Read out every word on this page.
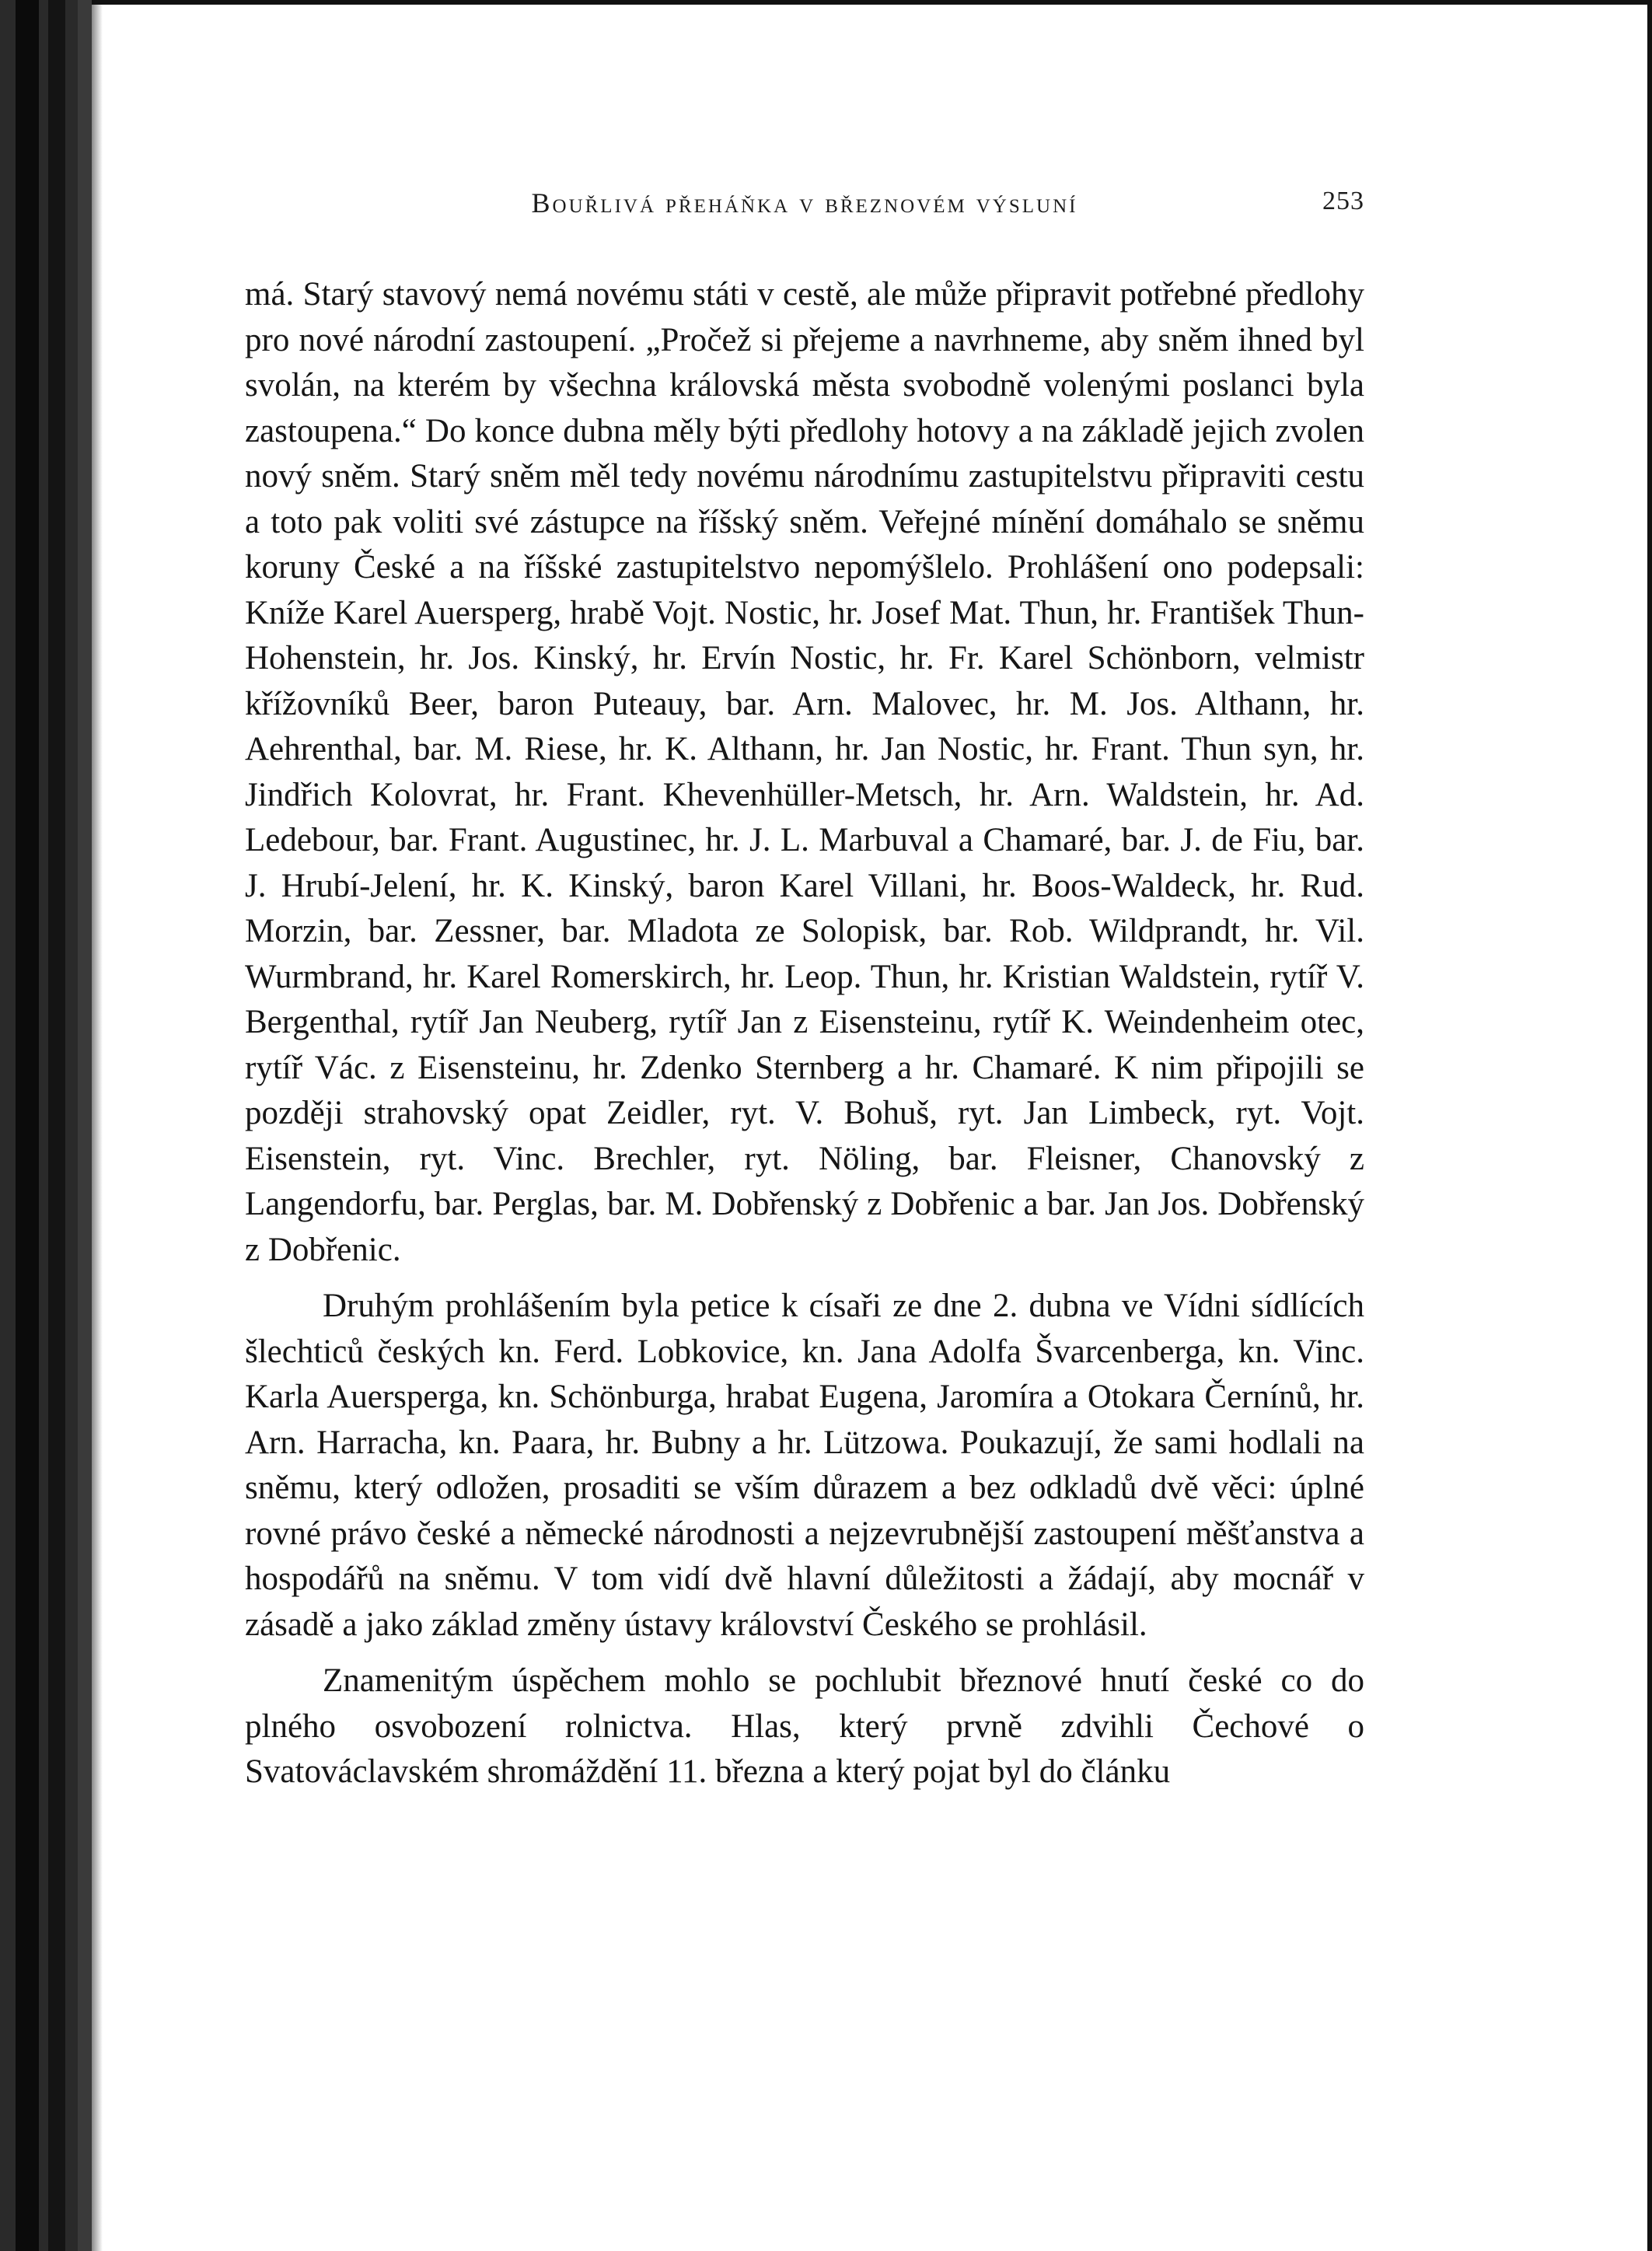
Bouřlivá přeháňka v březnovém výsluní	253

má. Starý stavový nemá novému státi v cestě, ale může připravit potřebné předlohy pro nové národní zastoupení. „Pročež si přejeme a navrhneme, aby sněm ihned byl svolán, na kterém by všechna královská města svobodně volenými poslanci byla zastoupena.“ Do konce dubna měly býti předlohy hotovy a na základě jejich zvolen nový sněm. Starý sněm měl tedy novému národnímu zastupitelstvu připraviti cestu a toto pak voliti své zástupce na říšský sněm. Veřejné mínění domáhalo se sněmu koruny České a na říšské zastupitelstvo nepomýšlelo. Prohlášení ono podepsali: Kníže Karel Auersperg, hrabě Vojt. Nostic, hr. Josef Mat. Thun, hr. František Thun-Hohenstein, hr. Jos. Kinský, hr. Ervín Nostic, hr. Fr. Karel Schönborn, velmistr křížovníků Beer, baron Puteauy, bar. Arn. Malovec, hr. M. Jos. Althann, hr. Aehrenthal, bar. M. Riese, hr. K. Althann, hr. Jan Nostic, hr. Frant. Thun syn, hr. Jindřich Kolovrat, hr. Frant. Khevenhüller-Metsch, hr. Arn. Waldstein, hr. Ad. Ledebour, bar. Frant. Augustinec, hr. J. L. Marbuval a Chamaré, bar. J. de Fiu, bar. J. Hrubí-Jelení, hr. K. Kinský, baron Karel Villani, hr. Boos-Waldeck, hr. Rud. Morzin, bar. Zessner, bar. Mladota ze Solopisk, bar. Rob. Wildprandt, hr. Vil. Wurmbrand, hr. Karel Romerskirch, hr. Leop. Thun, hr. Kristian Waldstein, rytíř V. Bergenthal, rytíř Jan Neuberg, rytíř Jan z Eisensteinu, rytíř K. Weindenheim otec, rytíř Vác. z Eisensteinu, hr. Zdenko Sternberg a hr. Chamaré. K nim připojili se později strahovský opat Zeidler, ryt. V. Bohuš, ryt. Jan Limbeck, ryt. Vojt. Eisenstein, ryt. Vinc. Brechler, ryt. Nöling, bar. Fleisner, Chanovský z Langendorfu, bar. Perglas, bar. M. Dobřenský z Dobřenic a bar. Jan Jos. Dobřenský z Dobřenic.

Druhým prohlášením byla petice k císaři ze dne 2. dubna ve Vídni sídlících šlechticů českých kn. Ferd. Lobkovice, kn. Jana Adolfa Švarcenberga, kn. Vinc. Karla Auersperga, kn. Schönburga, hrabat Eugena, Jaromíra a Otokara Černínů, hr. Arn. Harracha, kn. Paara, hr. Bubny a hr. Lützowa. Poukazují, že sami hodlali na sněmu, který odložen, prosaditi se vším důrazem a bez odkladů dvě věci: úplné rovné právo české a německé národnosti a nejzevrubnější zastoupení měšťanstva a hospodářů na sněmu. V tom vidí dvě hlavní důležitosti a žádají, aby mocnář v zásadě a jako základ změny ústavy království Českého se prohlásil.

Znamenitým úspěchem mohlo se pochlubit březnové hnutí české co do plného osvobození rolnictva. Hlas, který prvně zdvihli Čechové o Svatováclavském shromáždění 11. března a který pojat byl do článku
